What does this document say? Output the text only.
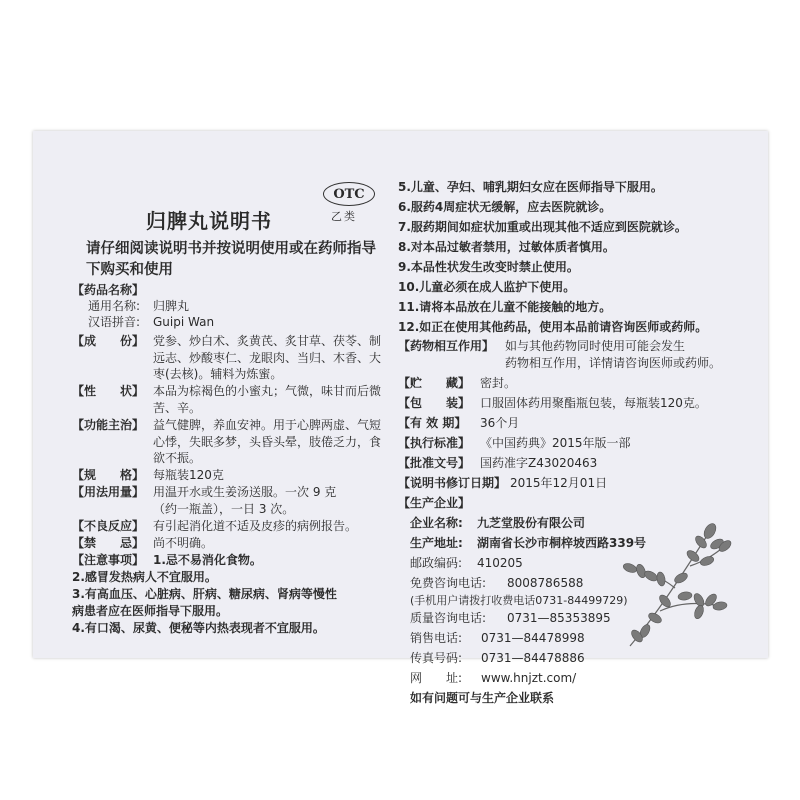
归脾丸说明书
OTC
乙类
请仔细阅读说明书并按说明使用或在药师指导下购买和使用
【药品名称】
通用名称: 归脾丸
汉语拼音: Guipi Wan
【成　　份】 党参、炒白术、炙黄芪、炙甘草、茯苓、制远志、炒酸枣仁、龙眼肉、当归、木香、大枣(去核)。辅料为炼蜜。
【性　　状】 本品为棕褐色的小蜜丸；气微，味甘而后微苦、辛。
【功能主治】 益气健脾，养血安神。用于心脾两虚、气短心悸，失眠多梦，头昏头晕，肢倦乏力，食欲不振。
【规　　格】 每瓶装120克
【用法用量】 用温开水或生姜汤送服。一次 9 克
（约一瓶盖），一日 3 次。
【不良反应】 有引起消化道不适及皮疹的病例报告。
【禁　　忌】 尚不明确。
【注意事项】 1.忌不易消化食物。
2.感冒发热病人不宜服用。
3.有高血压、心脏病、肝病、糖尿病、肾病等慢性
病患者应在医师指导下服用。
4.有口渴、尿黄、便秘等内热表现者不宜服用。
5.儿童、孕妇、哺乳期妇女应在医师指导下服用。
6.服药4周症状无缓解，应去医院就诊。
7.服药期间如症状加重或出现其他不适应到医院就诊。
8.对本品过敏者禁用，过敏体质者慎用。
9.本品性状发生改变时禁止使用。
10.儿童必须在成人监护下使用。
11.请将本品放在儿童不能接触的地方。
12.如正在使用其他药品，使用本品前请咨询医师或药师。
【药物相互作用】 如与其他药物同时使用可能会发生
药物相互作用，详情请咨询医师或药师。
【贮　　藏】 密封。
【包　　装】 口服固体药用聚酯瓶包装，每瓶装120克。
【有 效 期】 36个月
【执行标准】 《中国药典》2015年版一部
【批准文号】 国药准字Z43020463
【说明书修订日期】 2015年12月01日
【生产企业】
企业名称: 九芝堂股份有限公司
生产地址: 湖南省长沙市桐梓坡西路339号
邮政编码: 410205
免费咨询电话: 8008786588
(手机用户请拨打收费电话0731-84499729)
质量咨询电话: 0731—85353895
销售电话: 0731—84478998
传真号码: 0731—84478886
网　　址: www.hnjzt.com/
如有问题可与生产企业联系
